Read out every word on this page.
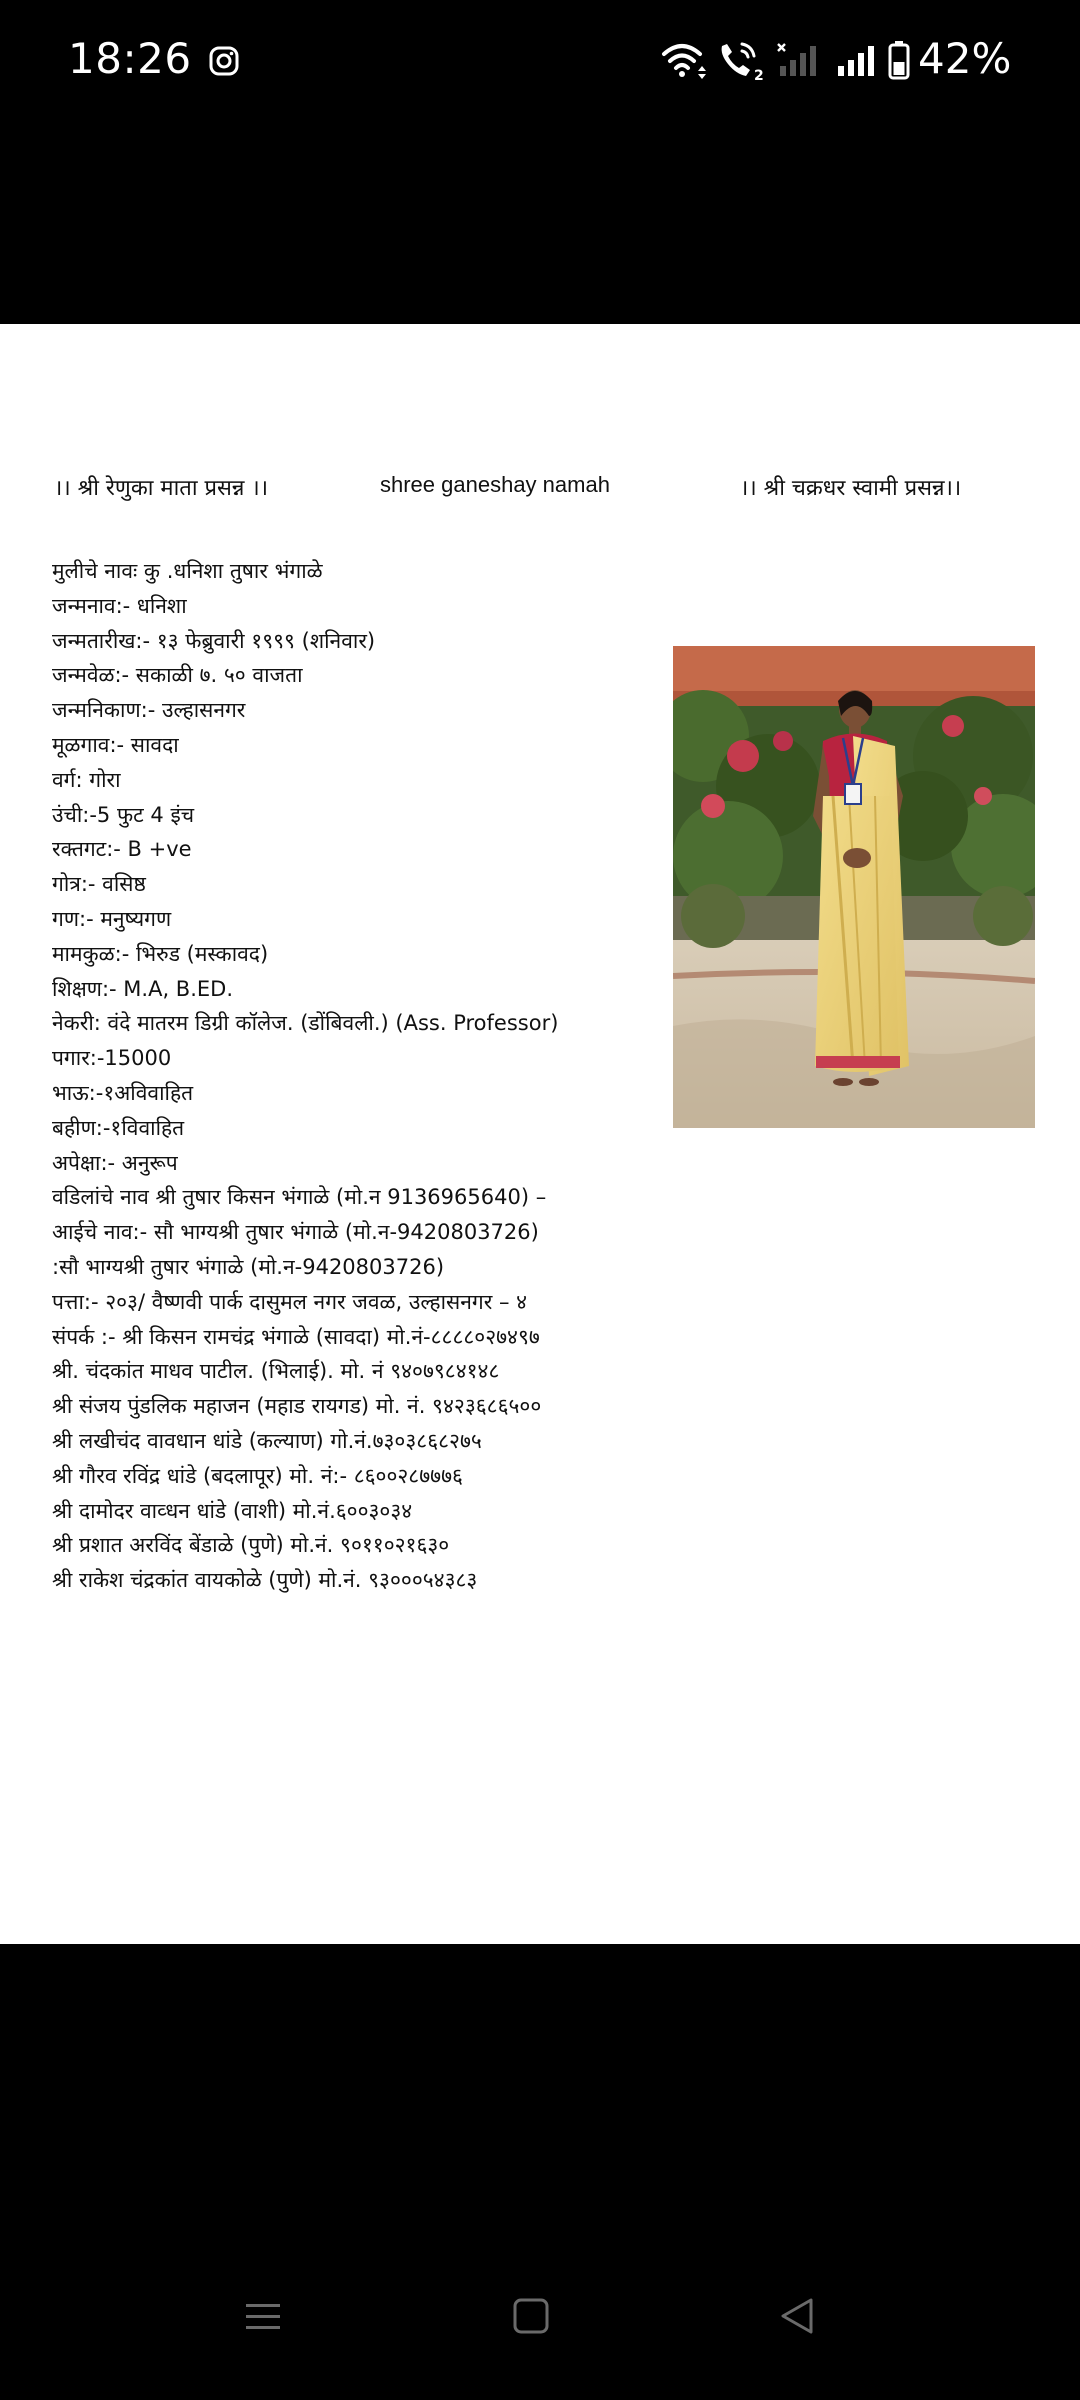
18:26	2	42%
।। श्री रेणुका माता प्रसन्न ।।	shree ganeshay namah	।। श्री चक्रधर स्वामी प्रसन्न।।
मुलीचे नावः कु .धनिशा तुषार भंगाळे
जन्मनाव:- धनिशा
जन्मतारीख:- १३ फेब्रुवारी १९९९ (शनिवार)
जन्मवेळ:- सकाळी ७. ५० वाजता
जन्मनिकाण:- उल्हासनगर
मूळगाव:- सावदा
वर्ग: गोरा
उंची:-5 फुट 4 इंच
रक्तगट:- B +ve
गोत्र:- वसिष्ठ
गण:- मनुष्यगण
मामकुळ:- भिरुड (मस्कावद)
शिक्षण:- M.A, B.ED.
नेकरी: वंदे मातरम डिग्री कॉलेज. (डोंबिवली.) (Ass. Professor)
पगार:-15000
भाऊ:-१अविवाहित
बहीण:-१विवाहित
अपेक्षा:- अनुरूप
वडिलांचे नाव श्री तुषार किसन भंगाळे (मो.न 9136965640) –
आईचे नाव:- सौ भाग्यश्री तुषार भंगाळे (मो.न-9420803726)
:सौ भाग्यश्री तुषार भंगाळे (मो.न-9420803726)
पत्ता:- २०३/ वैष्णवी पार्क दासुमल नगर जवळ, उल्हासनगर – ४
संपर्क :- श्री किसन रामचंद्र भंगाळे (सावदा) मो.नं-८८८८०२७४९७
श्री. चंदकांत माधव पाटील. (भिलाई). मो. नं ९४०७९८४१४८
श्री संजय पुंडलिक महाजन (महाड रायगड) मो. नं. ९४२३६८६५००
श्री लखीचंद वावधान धांडे (कल्याण) गो.नं.७३०३८६८२७५
श्री गौरव रविंद्र धांडे (बदलापूर) मो. नं:- ८६००२८७७७६
श्री दामोदर वाव्धन धांडे (वाशी) मो.नं.६००३०३४
श्री प्रशात अरविंद बेंडाळे (पुणे) मो.नं. ९०११०२१६३०
श्री राकेश चंद्रकांत वायकोळे (पुणे) मो.नं. ९३०००५४३८३
